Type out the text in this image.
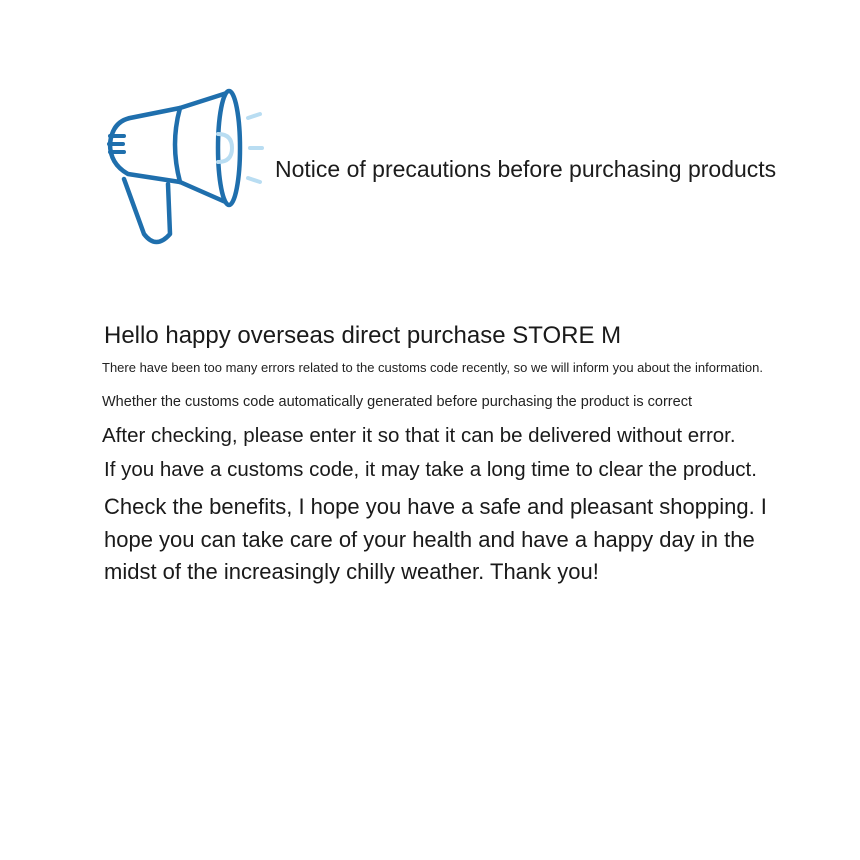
Notice of precautions before purchasing products
Hello happy overseas direct purchase STORE M
There have been too many errors related to the customs code recently, so we will inform you about the information.
Whether the customs code automatically generated before purchasing the product is correct
After checking, please enter it so that it can be delivered without error.
If you have a customs code, it may take a long time to clear the product.
Check the benefits, I hope you have a safe and pleasant shopping. I hope you can take care of your health and have a happy day in the midst of the increasingly chilly weather. Thank you!
